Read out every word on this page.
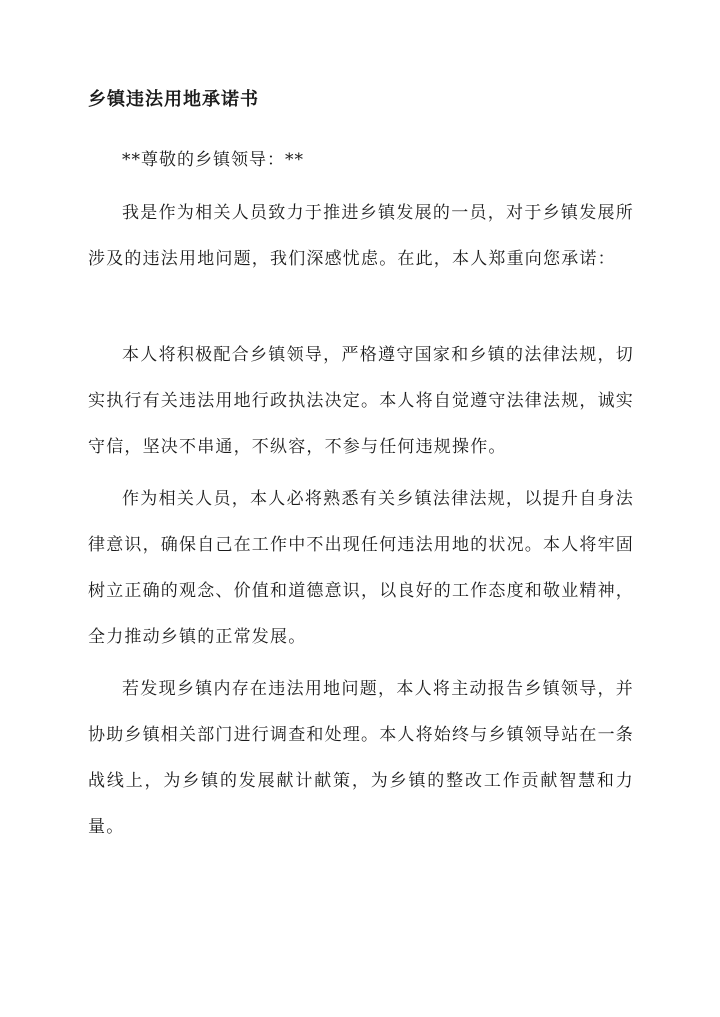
乡镇违法用地承诺书
**尊敬的乡镇领导：**

我是作为相关人员致力于推进乡镇发展的一员，对于乡镇发展所涉及的违法用地问题，我们深感忧虑。在此，本人郑重向您承诺：

本人将积极配合乡镇领导，严格遵守国家和乡镇的法律法规，切实执行有关违法用地行政执法决定。本人将自觉遵守法律法规，诚实守信，坚决不串通，不纵容，不参与任何违规操作。

作为相关人员，本人必将熟悉有关乡镇法律法规，以提升自身法律意识，确保自己在工作中不出现任何违法用地的状况。本人将牢固树立正确的观念、价值和道德意识，以良好的工作态度和敬业精神，全力推动乡镇的正常发展。

若发现乡镇内存在违法用地问题，本人将主动报告乡镇领导，并协助乡镇相关部门进行调查和处理。本人将始终与乡镇领导站在一条战线上，为乡镇的发展献计献策，为乡镇的整改工作贡献智慧和力量。
